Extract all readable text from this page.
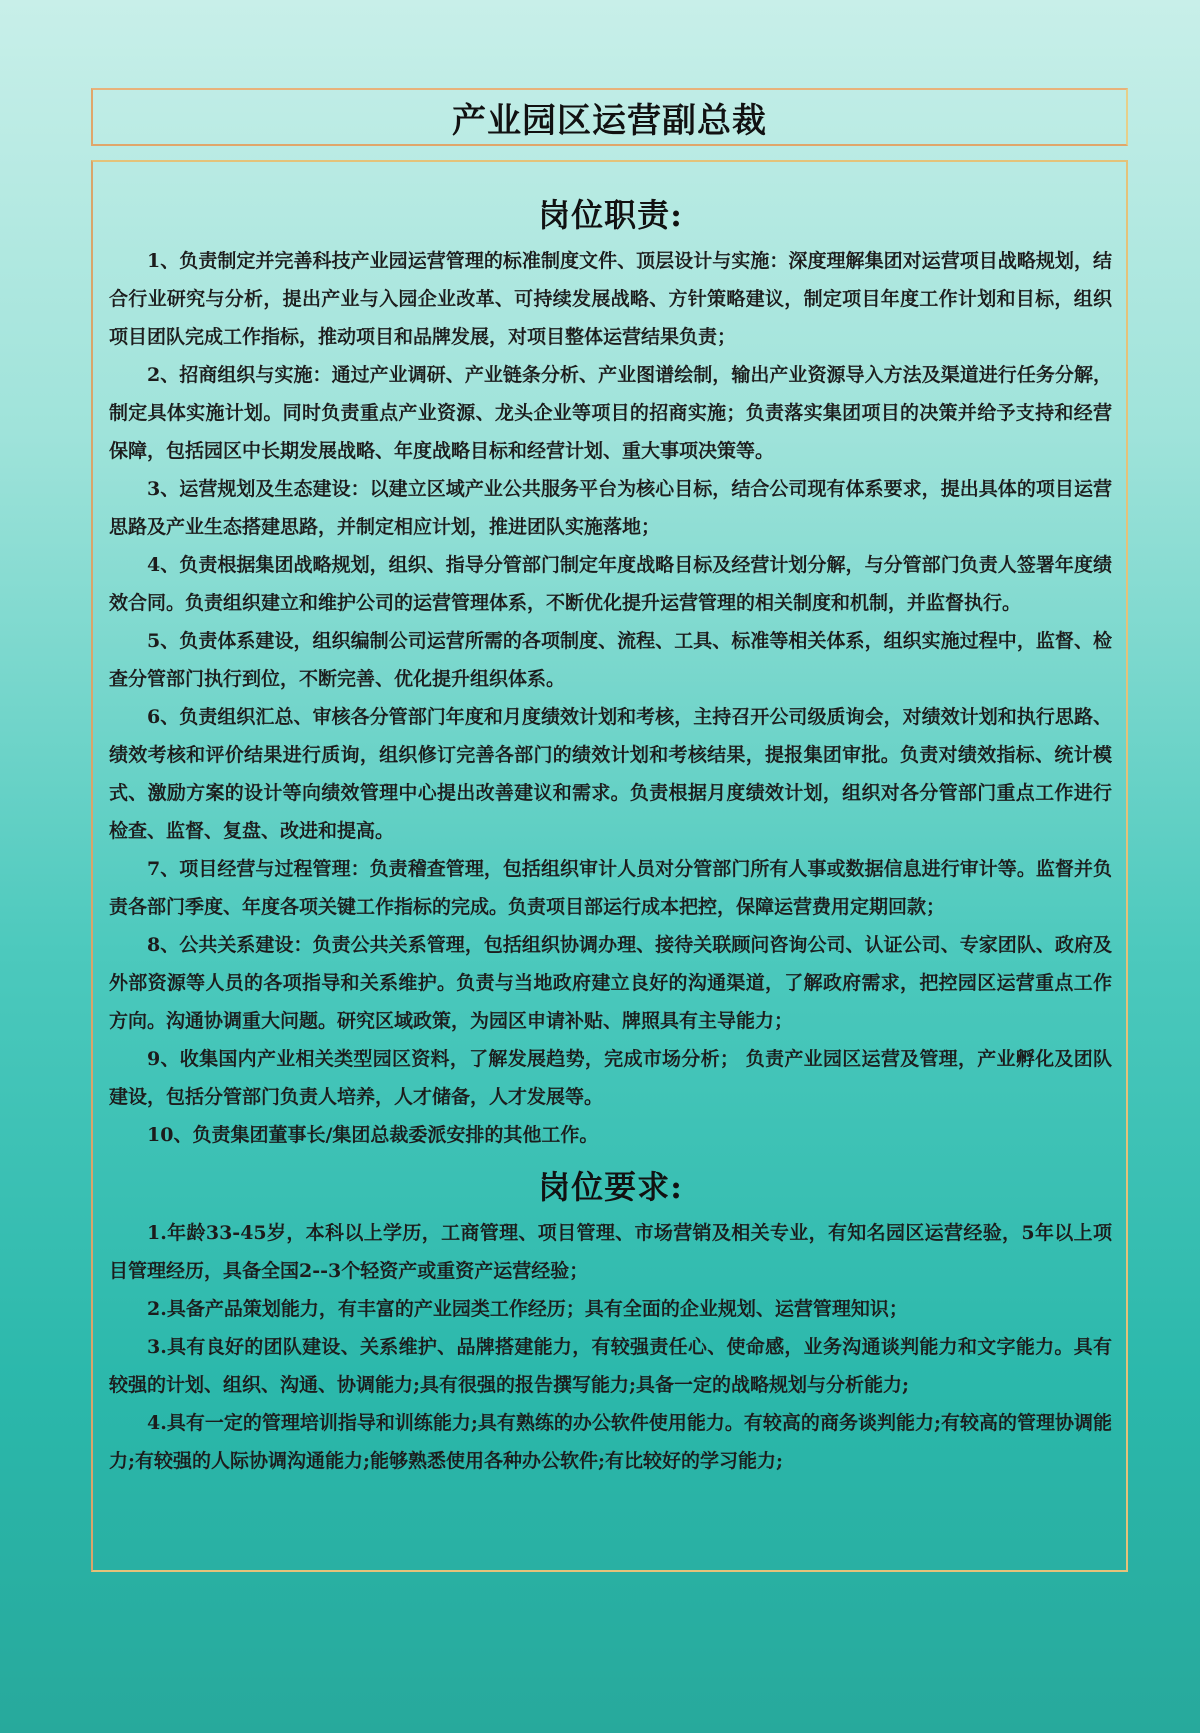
产业园区运营副总裁
岗位职责:

1、负责制定并完善科技产业园运营管理的标准制度文件、顶层设计与实施：深度理解集团对运营项目战略规划，结合行业研究与分析，提出产业与入园企业改革、可持续发展战略、方针策略建议，制定项目年度工作计划和目标，组织项目团队完成工作指标，推动项目和品牌发展，对项目整体运营结果负责；

2、招商组织与实施：通过产业调研、产业链条分析、产业图谱绘制，输出产业资源导入方法及渠道进行任务分解，制定具体实施计划。同时负责重点产业资源、龙头企业等项目的招商实施；负责落实集团项目的决策并给予支持和经营保障，包括园区中长期发展战略、年度战略目标和经营计划、重大事项决策等。

3、运营规划及生态建设：以建立区域产业公共服务平台为核心目标，结合公司现有体系要求，提出具体的项目运营思路及产业生态搭建思路，并制定相应计划，推进团队实施落地；

4、负责根据集团战略规划，组织、指导分管部门制定年度战略目标及经营计划分解，与分管部门负责人签署年度绩效合同。负责组织建立和维护公司的运营管理体系，不断优化提升运营管理的相关制度和机制，并监督执行。

5、负责体系建设，组织编制公司运营所需的各项制度、流程、工具、标准等相关体系，组织实施过程中，监督、检查分管部门执行到位，不断完善、优化提升组织体系。

6、负责组织汇总、审核各分管部门年度和月度绩效计划和考核，主持召开公司级质询会，对绩效计划和执行思路、绩效考核和评价结果进行质询，组织修订完善各部门的绩效计划和考核结果，提报集团审批。负责对绩效指标、统计模式、激励方案的设计等向绩效管理中心提出改善建议和需求。负责根据月度绩效计划，组织对各分管部门重点工作进行检查、监督、复盘、改进和提高。

7、项目经营与过程管理：负责稽查管理，包括组织审计人员对分管部门所有人事或数据信息进行审计等。监督并负责各部门季度、年度各项关键工作指标的完成。负责项目部运行成本把控，保障运营费用定期回款；

8、公共关系建设：负责公共关系管理，包括组织协调办理、接待关联顾问咨询公司、认证公司、专家团队、政府及外部资源等人员的各项指导和关系维护。负责与当地政府建立良好的沟通渠道，了解政府需求，把控园区运营重点工作方向。沟通协调重大问题。研究区域政策，为园区申请补贴、牌照具有主导能力；

9、收集国内产业相关类型园区资料，了解发展趋势，完成市场分析； 负责产业园区运营及管理，产业孵化及团队建设，包括分管部门负责人培养，人才储备，人才发展等。

10、负责集团董事长/集团总裁委派安排的其他工作。

岗位要求:

1.年龄33-45岁，本科以上学历，工商管理、项目管理、市场营销及相关专业，有知名园区运营经验，5年以上项目管理经历，具备全国2--3个轻资产或重资产运营经验；

2.具备产品策划能力，有丰富的产业园类工作经历；具有全面的企业规划、运营管理知识；

3.具有良好的团队建设、关系维护、品牌搭建能力，有较强责任心、使命感，业务沟通谈判能力和文字能力。具有较强的计划、组织、沟通、协调能力;具有很强的报告撰写能力;具备一定的战略规划与分析能力;

4.具有一定的管理培训指导和训练能力;具有熟练的办公软件使用能力。有较高的商务谈判能力;有较高的管理协调能力;有较强的人际协调沟通能力;能够熟悉使用各种办公软件;有比较好的学习能力;
